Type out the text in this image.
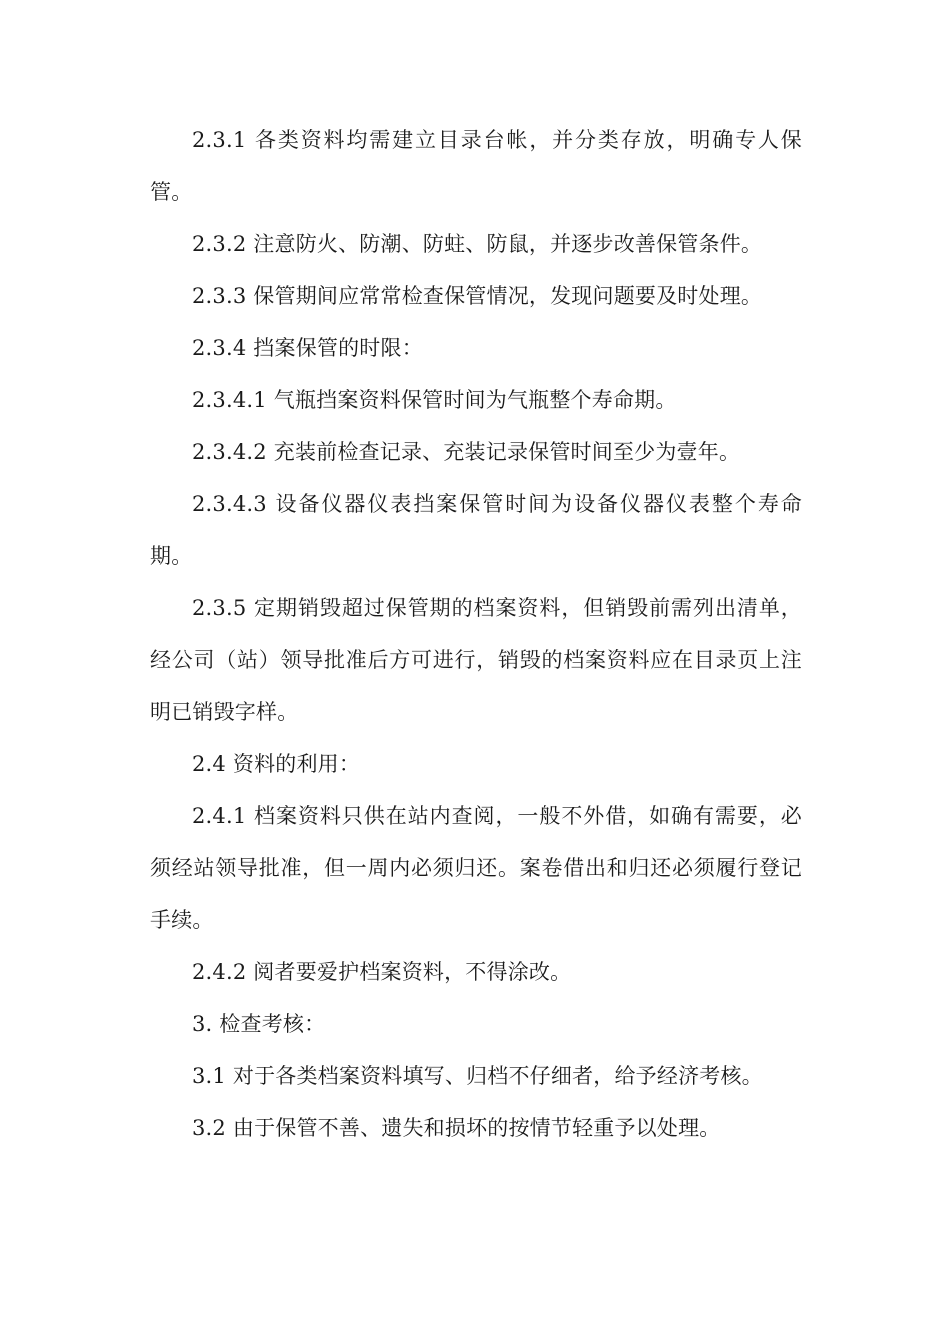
2.3.1 各类资料均需建立目录台帐，并分类存放，明确专人保管。

2.3.2 注意防火、防潮、防蛀、防鼠，并逐步改善保管条件。

2.3.3 保管期间应常常检查保管情况，发现问题要及时处理。

2.3.4 挡案保管的时限：

2.3.4.1 气瓶挡案资料保管时间为气瓶整个寿命期。

2.3.4.2 充装前检查记录、充装记录保管时间至少为壹年。

2.3.4.3 设备仪器仪表挡案保管时间为设备仪器仪表整个寿命期。

2.3.5 定期销毁超过保管期的档案资料，但销毁前需列出清单，经公司（站）领导批准后方可进行，销毁的档案资料应在目录页上注明已销毁字样。

2.4 资料的利用：

2.4.1 档案资料只供在站内查阅，一般不外借，如确有需要，必须经站领导批准，但一周内必须归还。案卷借出和归还必须履行登记手续。

2.4.2 阅者要爱护档案资料，不得涂改。

3. 检查考核：

3.1 对于各类档案资料填写、归档不仔细者，给予经济考核。

3.2 由于保管不善、遗失和损坏的按情节轻重予以处理。
